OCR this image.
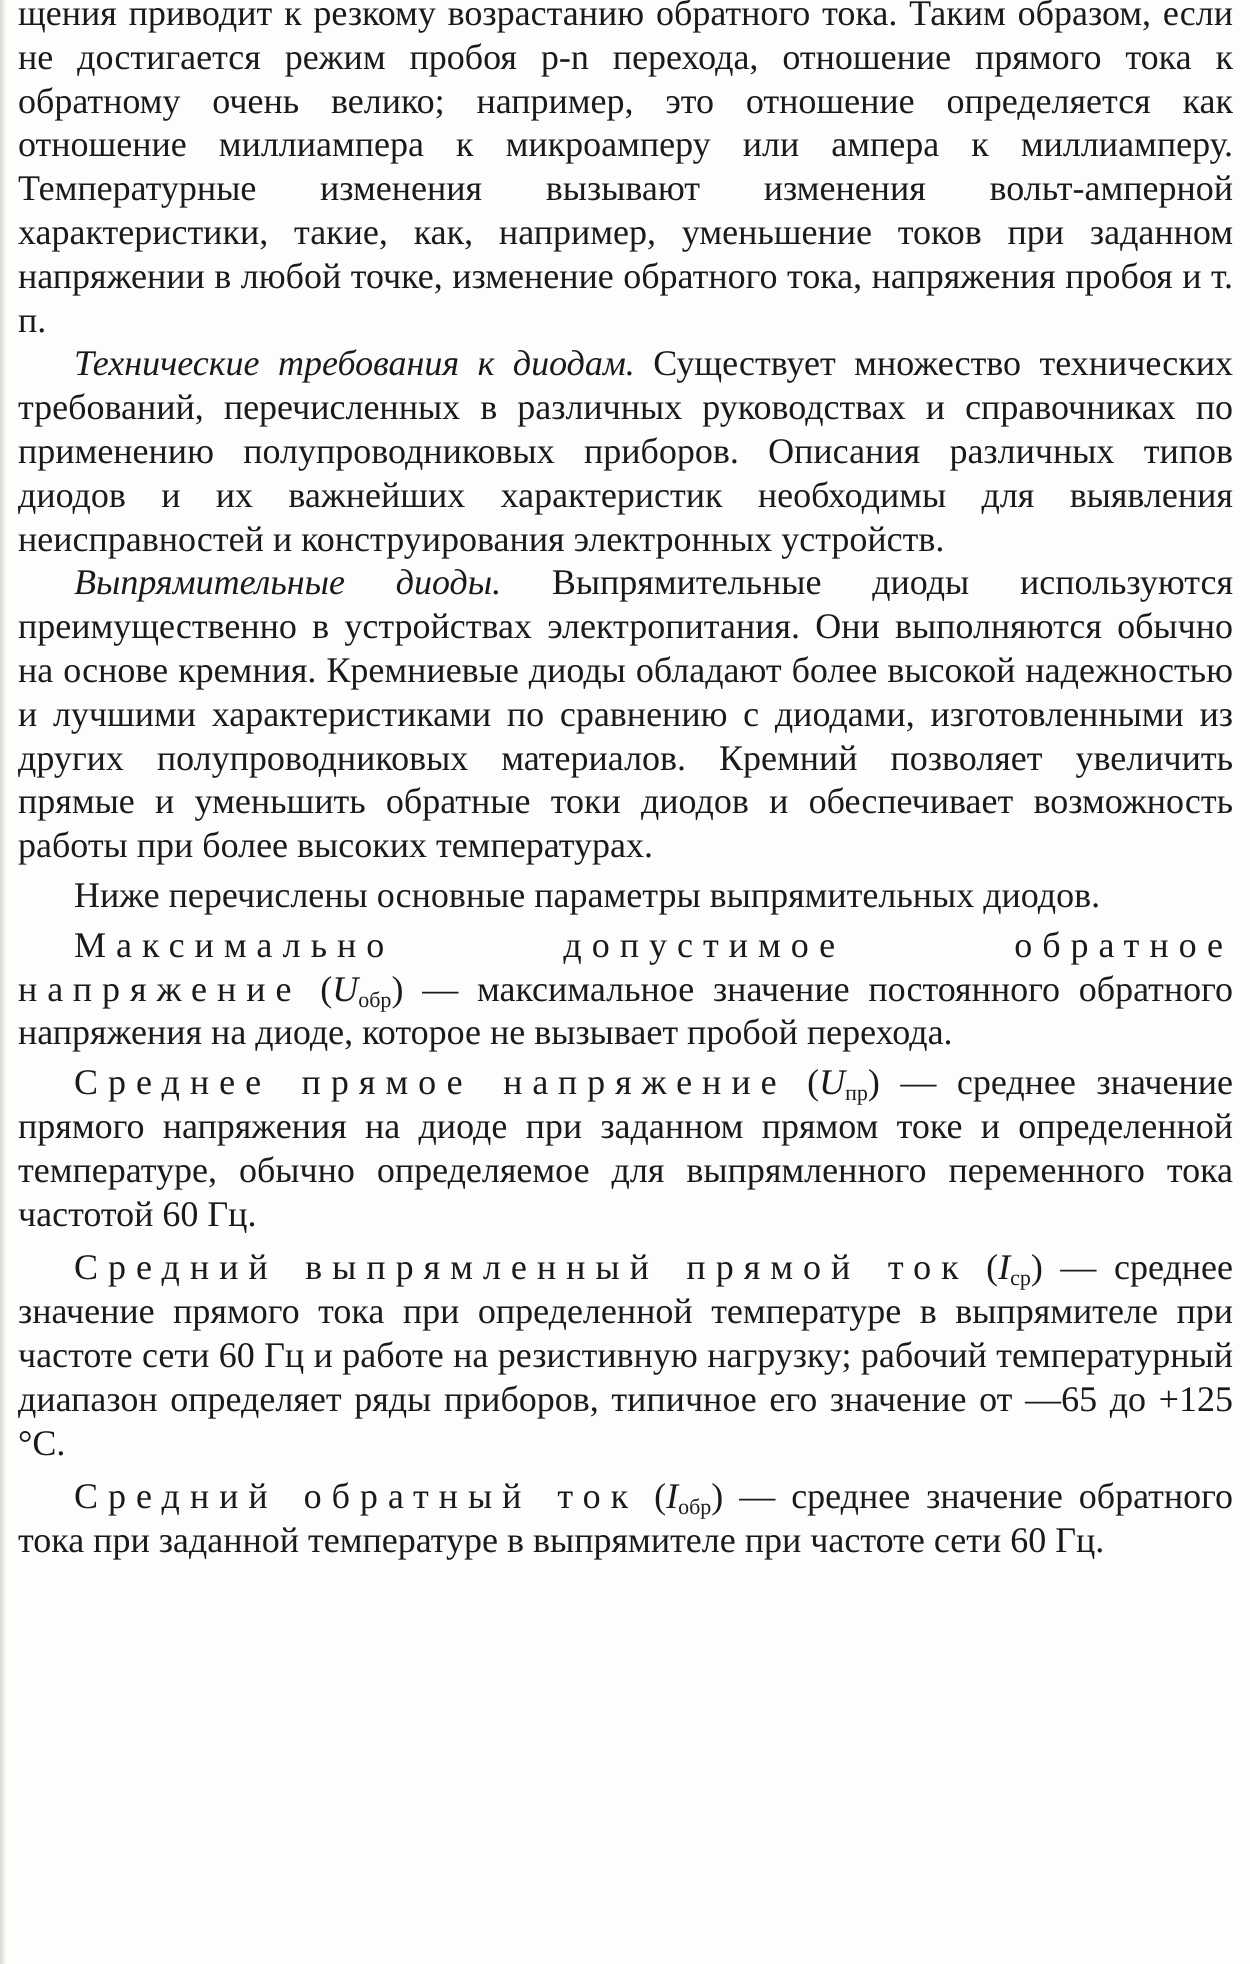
щения приводит к резкому возрастанию обратного тока. Таким образом, если не достигается режим пробоя p-n перехода, отношение прямого тока к обратному очень велико; например, это отношение определяется как отношение миллиампера к микроамперу или ампера к миллиамперу. Температурные изменения вызывают изменения вольт-амперной характеристики, такие, как, например, уменьшение токов при заданном напряжении в любой точке, изменение обратного тока, напряжения пробоя и т. п.

Технические требования к диодам. Существует множество технических требований, перечисленных в различных руководствах и справочниках по применению полупроводниковых приборов. Описания различных типов диодов и их важнейших характеристик необходимы для выявления неисправностей и конструирования электронных устройств.

Выпрямительные диоды. Выпрямительные диоды используются преимущественно в устройствах электропитания. Они выполняются обычно на основе кремния. Кремниевые диоды обладают более высокой надежностью и лучшими характеристиками по сравнению с диодами, изготовленными из других полупроводниковых материалов. Кремний позволяет увеличить прямые и уменьшить обратные токи диодов и обеспечивает возможность работы при более высоких температурах.

Ниже перечислены основные параметры выпрямительных диодов.

Максимально допустимое обратное напряжение $(U_{обр})$ — максимальное значение постоянного обратного напряжения на диоде, которое не вызывает пробой перехода.

Среднее прямое напряжение $(U_{пр})$ — среднее значение прямого напряжения на диоде при заданном прямом токе и определенной температуре, обычно определяемое для выпрямленного переменного тока частотой 60 Гц.

Средний выпрямленный прямой ток $(I_{ср})$ — среднее значение прямого тока при определенной температуре в выпрямителе при частоте сети 60 Гц и работе на резистивную нагрузку; рабочий температурный диапазон определяет ряды приборов, типичное его значение от —65 до +125 °С.

Средний обратный ток $(I_{обр})$ — среднее значение обратного тока при заданной температуре в выпрямителе при частоте сети 60 Гц.
